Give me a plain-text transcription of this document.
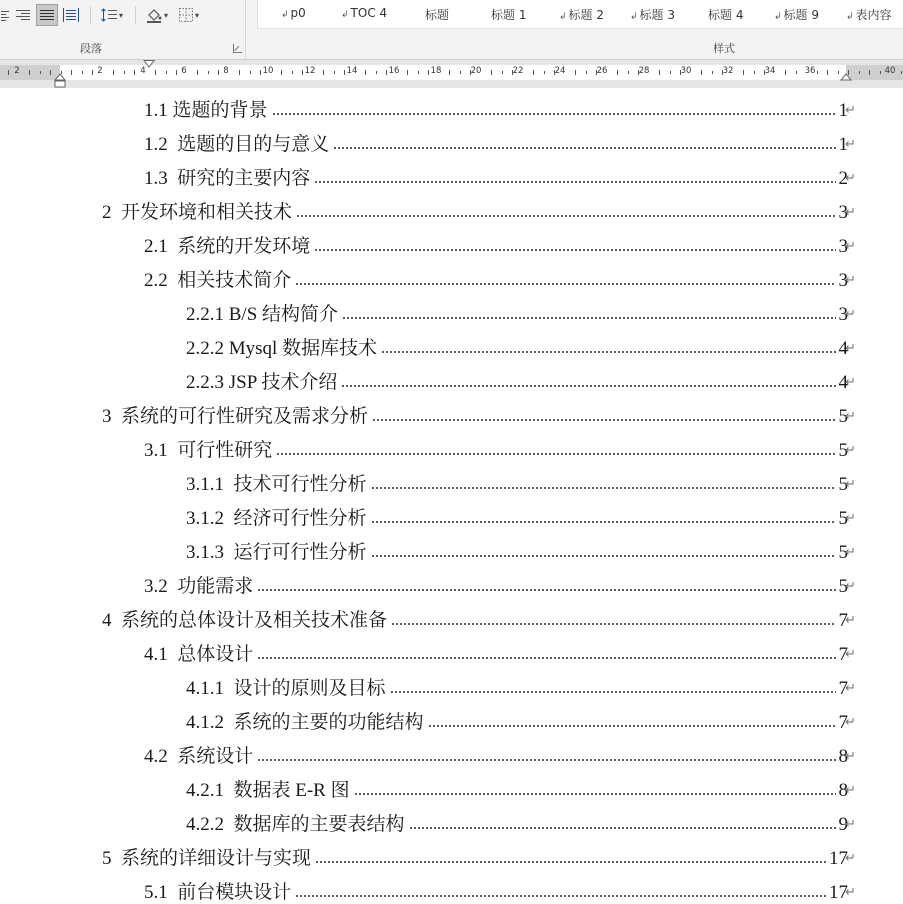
▾	▾	▾
段落
↲ p0	↲ TOC 4	标题	标题 1	↲ 标题 2	↲ 标题 3	标题 4	↲ 标题 9	↲ 表内容
样式
2	2	4	6	8	10	12	14	16	18	20	22	24	26	28	30	32	34	36	40
1.1 选题的背景	1
↵
1.2  选题的目的与意义	1
↵
1.3  研究的主要内容	2
↵
2  开发环境和相关技术	3
↵
2.1  系统的开发环境	3
↵
2.2  相关技术简介	3
↵
2.2.1 B/S 结构简介	3
↵
2.2.2 Mysql 数据库技术	4
↵
2.2.3 JSP 技术介绍	4
↵
3  系统的可行性研究及需求分析	5
↵
3.1  可行性研究	5
↵
3.1.1  技术可行性分析	5
↵
3.1.2  经济可行性分析	5
↵
3.1.3  运行可行性分析	5
↵
3.2  功能需求	5
↵
4  系统的总体设计及相关技术准备	7
↵
4.1  总体设计	7
↵
4.1.1  设计的原则及目标	7
↵
4.1.2  系统的主要的功能结构	7
↵
4.2  系统设计	8
↵
4.2.1  数据表 E-R 图	8
↵
4.2.2  数据库的主要表结构	9
↵
5  系统的详细设计与实现	17
↵
5.1  前台模块设计	17
↵
